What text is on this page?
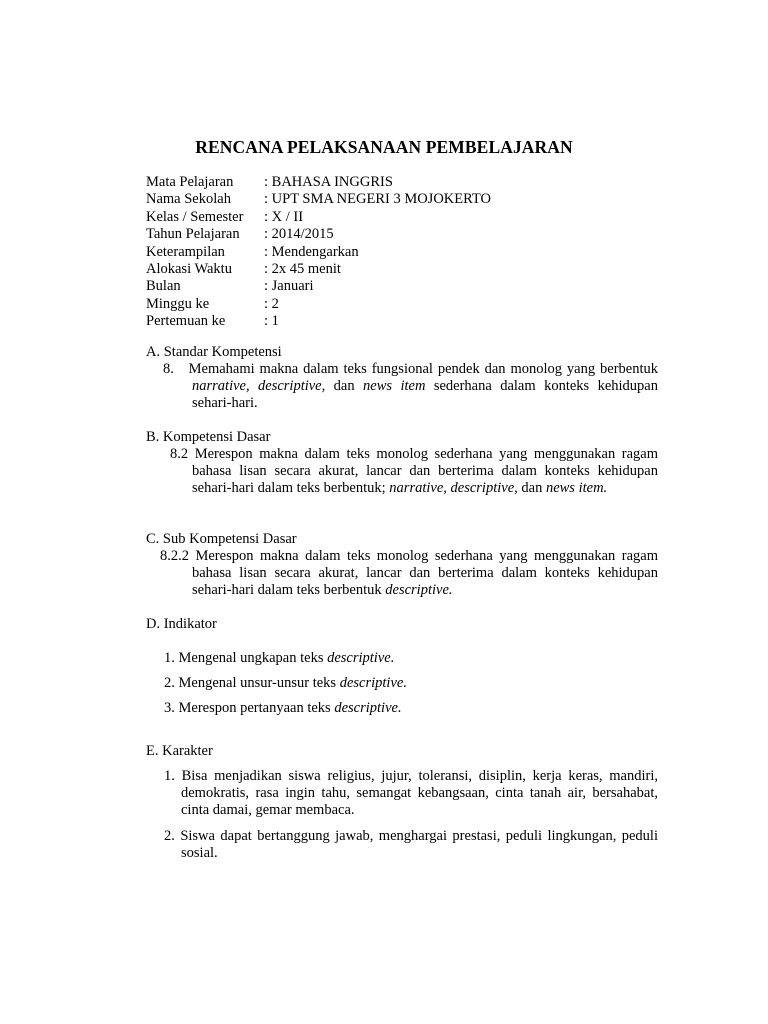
RENCANA PELAKSANAAN PEMBELAJARAN
Mata Pelajaran : BAHASA INGGRIS
Nama Sekolah : UPT SMA NEGERI 3 MOJOKERTO
Kelas / Semester : X / II
Tahun Pelajaran : 2014/2015
Keterampilan	: Mendengarkan
Alokasi Waktu : 2x 45 menit
Bulan	: Januari
Minggu ke	: 2
Pertemuan ke	: 1
A. Standar Kompetensi

8. Memahami makna dalam teks fungsional pendek dan monolog yang berbentuk narrative, descriptive, dan news item sederhana dalam konteks kehidupan sehari-hari.

B. Kompetensi Dasar

8.2 Merespon makna dalam teks monolog sederhana yang menggunakan ragam bahasa lisan secara akurat, lancar dan berterima dalam konteks kehidupan sehari-hari dalam teks berbentuk; narrative, descriptive, dan news item.

C. Sub Kompetensi Dasar

8.2.2 Merespon makna dalam teks monolog sederhana yang menggunakan ragam bahasa lisan secara akurat, lancar dan berterima dalam konteks kehidupan sehari-hari dalam teks berbentuk descriptive.

D. Indikator
1. Mengenal ungkapan teks descriptive.
2. Mengenal unsur-unsur teks descriptive.
3. Merespon pertanyaan teks descriptive.
E. Karakter

1. Bisa menjadikan siswa religius, jujur, toleransi, disiplin, kerja keras, mandiri, demokratis, rasa ingin tahu, semangat kebangsaan, cinta tanah air, bersahabat, cinta damai, gemar membaca.

2. Siswa dapat bertanggung jawab, menghargai prestasi, peduli lingkungan, peduli sosial.
